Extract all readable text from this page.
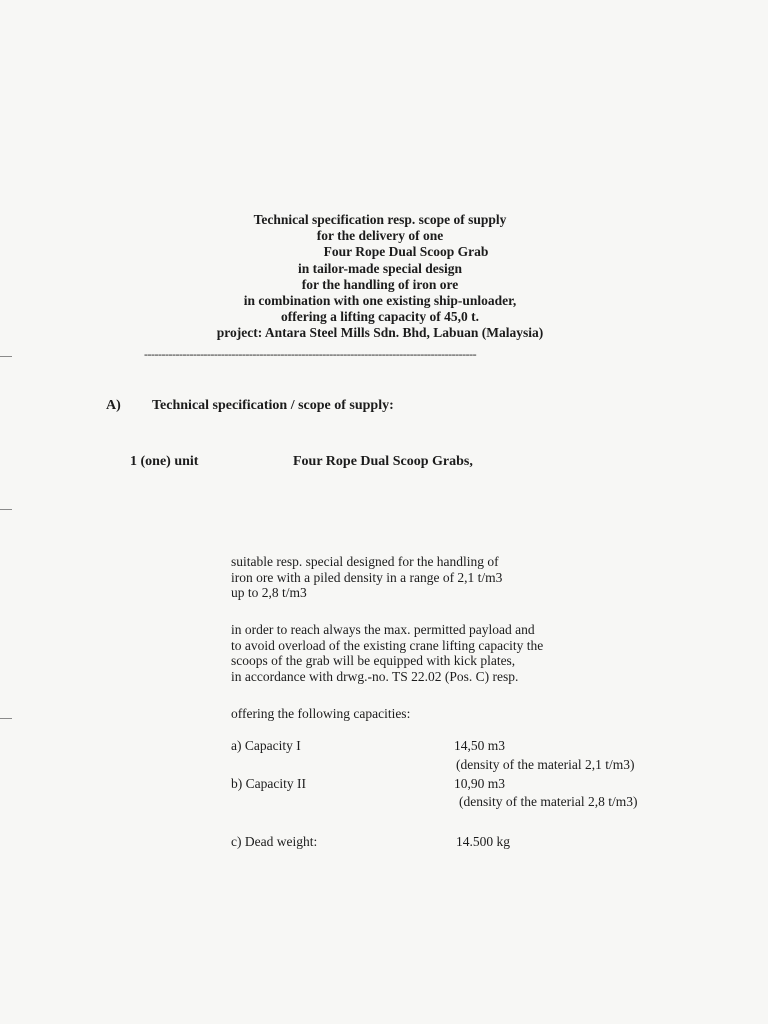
Technical specification resp. scope of supply
for the delivery of one
Four Rope Dual Scoop Grab
in tailor-made special design
for the handling of iron ore
in combination with one existing ship-unloader,
offering a lifting capacity of 45,0 t.
project: Antara Steel Mills Sdn. Bhd, Labuan (Malaysia)
-----------------------------------------------------------------------------------------------
A) Technical specification / scope of supply:
1 (one) unit	Four Rope Dual Scoop Grabs,
suitable resp. special designed for the handling of
iron ore with a piled density in a range of 2,1 t/m3
up to 2,8 t/m3
in order to reach always the max. permitted payload and
to avoid overload of the existing crane lifting capacity the
scoops of the grab will be equipped with kick plates,
in accordance with drwg.-no. TS 22.02 (Pos. C) resp.
offering the following capacities:
a) Capacity I	14,50 m3
(density of the material 2,1 t/m3)
b) Capacity II	10,90 m3
(density of the material 2,8 t/m3)
c) Dead weight:	14.500 kg
